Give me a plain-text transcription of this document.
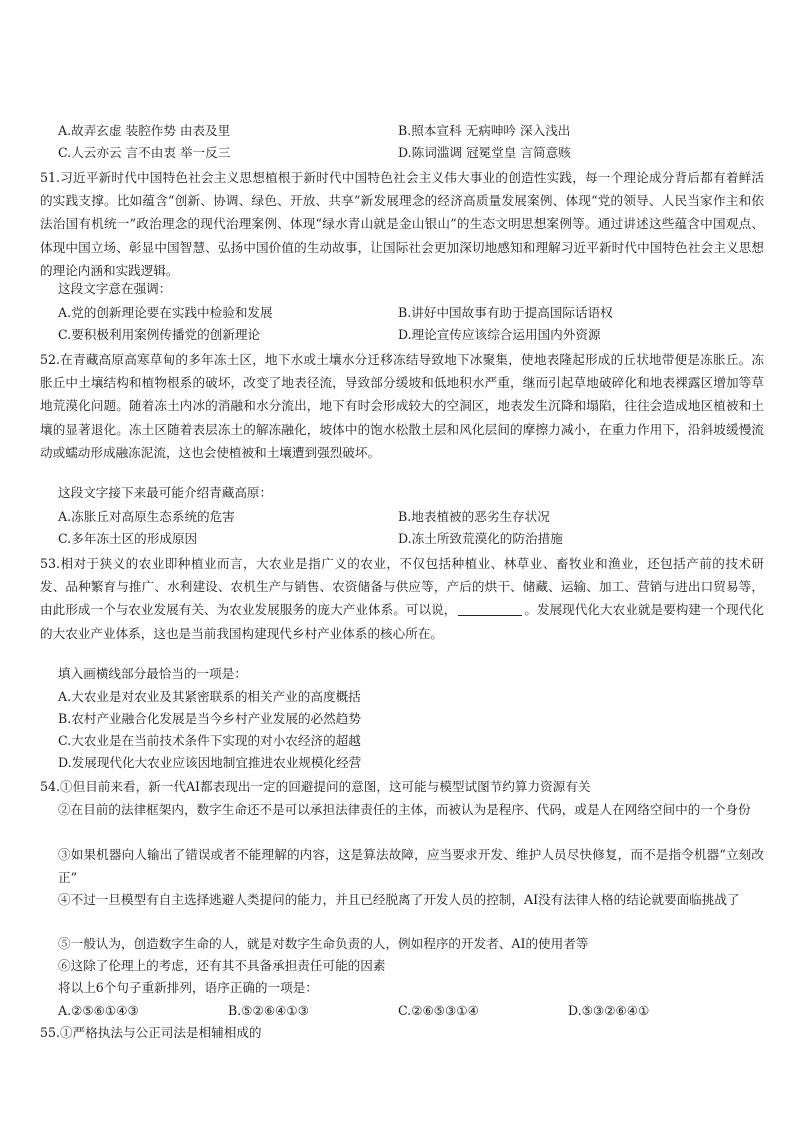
A.故弄玄虚 装腔作势 由表及里	B.照本宣科 无病呻吟 深入浅出
C.人云亦云 言不由衷 举一反三	D.陈词滥调 冠冕堂皇 言简意赅
51.习近平新时代中国特色社会主义思想植根于新时代中国特色社会主义伟大事业的创造性实践，每一个理论成分背后都有着鲜活的实践支撑。比如蕴含“创新、协调、绿色、开放、共享”新发展理念的经济高质量发展案例、体现“党的领导、人民当家作主和依法治国有机统一”政治理念的现代治理案例、体现“绿水青山就是金山银山”的生态文明思想案例等。通过讲述这些蕴含中国观点、体现中国立场、彰显中国智慧、弘扬中国价值的生动故事，让国际社会更加深切地感知和理解习近平新时代中国特色社会主义思想的理论内涵和实践逻辑。
这段文字意在强调：
A.党的创新理论要在实践中检验和发展	B.讲好中国故事有助于提高国际话语权
C.要积极利用案例传播党的创新理论	D.理论宣传应该综合运用国内外资源
52.在青藏高原高寒草甸的多年冻土区，地下水或土壤水分迁移冻结导致地下冰聚集，使地表隆起形成的丘状地带便是冻胀丘。冻胀丘中土壤结构和植物根系的破坏，改变了地表径流，导致部分缓坡和低地积水严重，继而引起草地破碎化和地表裸露区增加等草地荒漠化问题。随着冻土内冰的消融和水分流出，地下有时会形成较大的空洞区，地表发生沉降和塌陷，往往会造成地区植被和土壤的显著退化。冻土区随着表层冻土的解冻融化，坡体中的饱水松散土层和风化层间的摩擦力减小，在重力作用下，沿斜坡缓慢流动或蠕动形成融冻泥流，这也会使植被和土壤遭到强烈破坏。
这段文字接下来最可能介绍青藏高原：
A.冻胀丘对高原生态系统的危害	B.地表植被的恶劣生存状况
C.多年冻土区的形成原因	D.冻土所致荒漠化的防治措施
53.相对于狭义的农业即种植业而言，大农业是指广义的农业，不仅包括种植业、林草业、畜牧业和渔业，还包括产前的技术研发、品种繁育与推广、水利建设、农机生产与销售、农资储备与供应等，产后的烘干、储藏、运输、加工、营销与进出口贸易等，由此形成一个与农业发展有关、为农业发展服务的庞大产业体系。可以说，	。发展现代化大农业就是要构建一个现代化的大农业产业体系，这也是当前我国构建现代乡村产业体系的核心所在。
填入画横线部分最恰当的一项是：
A.大农业是对农业及其紧密联系的相关产业的高度概括
B.农村产业融合化发展是当今乡村产业发展的必然趋势
C.大农业是在当前技术条件下实现的对小农经济的超越
D.发展现代化大农业应该因地制宜推进农业规模化经营
54.①但目前来看，新一代AI都表现出一定的回避提问的意图，这可能与模型试图节约算力资源有关
②在目前的法律框架内，数字生命还不是可以承担法律责任的主体，而被认为是程序、代码，或是人在网络空间中的一个身份
③如果机器向人输出了错误或者不能理解的内容，这是算法故障，应当要求开发、维护人员尽快修复，而不是指令机器“立刻改正”
④不过一旦模型有自主选择逃避人类提问的能力，并且已经脱离了开发人员的控制，AI没有法律人格的结论就要面临挑战了
⑤一般认为，创造数字生命的人，就是对数字生命负责的人，例如程序的开发者、AI的使用者等
⑥这除了伦理上的考虑，还有其不具备承担责任可能的因素
将以上6个句子重新排列，语序正确的一项是：
A.②⑤⑥①④③	B.⑤②⑥④①③	C.②⑥⑤③①④	D.⑤③②⑥④①
55.①严格执法与公正司法是相辅相成的
